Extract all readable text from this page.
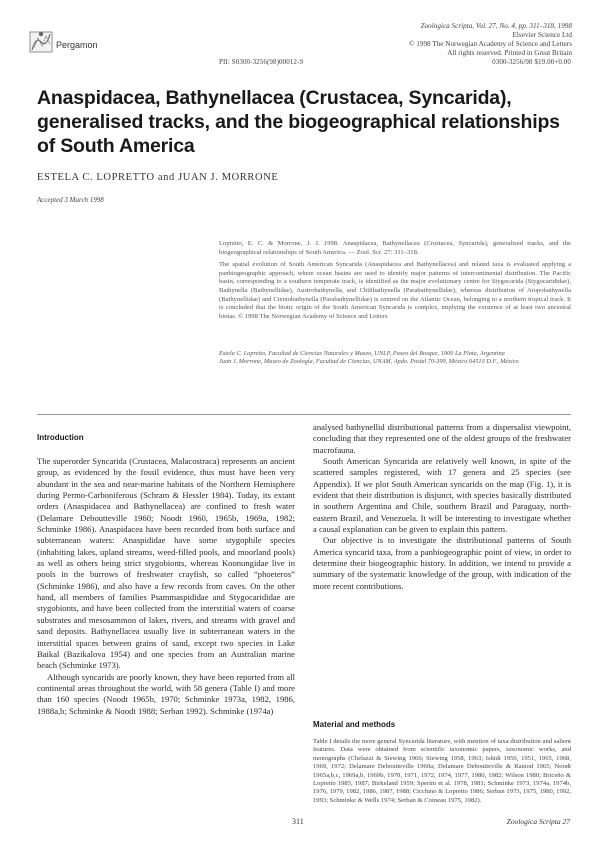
Pergamon
Zoologica Scripta, Vol. 27, No. 4, pp. 311–318, 1998
Elsevier Science Ltd
© 1998 The Norwegian Academy of Science and Letters
All rights reserved. Printed in Great Britain
PII: S0300-3256(98)00012-9	0300-3256/98 $19.00+0.00
Anaspidacea, Bathynellacea (Crustacea, Syncarida), generalised tracks, and the biogeographical relationships of South America
ESTELA C. LOPRETTO and JUAN J. MORRONE
Accepted 3 March 1998

Lopretto, E. C. & Morrone, J. J. 1998. Anaspidacea, Bathynellacea (Crustacea, Syncarida), generalised tracks, and the biogeographical relationships of South America. — Zool. Scr. 27: 311–318.

The spatial evolution of South American Syncarida (Anaspidacea and Bathynellacea) and related taxa is evaluated applying a panbiogeographic approach, where ocean basins are used to identify major patterns of intercontinental distribution. The Pacific basin, corresponding to a southern temperate track, is identified as the major evolutionary centre for Stygocarida (Stygocarididae), Bathynella (Bathynellidae), Austrobathynella, and Chilibathynella (Parabathynellidae), whereas distribution of Atopobathynella (Bathynellidae) and Cteniobathynella (Parabathynellidae) is centred on the Atlantic Ocean, belonging to a northern tropical track. It is concluded that the biotic origin of the South American Syncarida is complex, implying the existence of at least two ancestral biotas. © 1998 The Norwegian Academy of Science and Letters

Estela C. Lopretto, Facultad de Ciencias Naturales y Museo, UNLP, Paseo del Bosque, 1900 La Plata, Argentina

Juan J. Morrone, Museo de Zoología, Facultad de Ciencias, UNAM, Apdo. Postal 70-399, México 04510 D.F., México

Introduction

The superorder Syncarida (Crustacea, Malacostraca) represents an ancient group, as evidenced by the fossil evidence, thus must have been very abundant in the sea and near-marine habitats of the Northern Hemisphere during Permo-Carboniferous (Schram & Hessler 1984). Today, its extant orders (Anaspidacea and Bathynellacea) are confined to fresh water (Delamare Deboutteville 1960; Noodt 1960, 1965b, 1969a, 1982; Schminke 1986). Anaspidacea have been recorded from both surface and subterranean waters: Anaspididae have some stygophile species (inhabiting lakes, upland streams, weed-filled pools, and moorland pools) as well as others being strict stygobionts, whereas Koonungidae live in pools in the burrows of freshwater crayfish, so called “phoeteros” (Schminke 1986), and also have a few records from caves. On the other hand, all members of families Psammaspididae and Stygocarididae are stygobionts, and have been collected from the interstitial waters of coarse substrates and mesosammon of lakes, rivers, and streams with gravel and sand deposits. Bathynellacea usually live in subterranean waters in the interstitial spaces between grains of sand, except two species in Lake Baikal (Bazikalova 1954) and one species from an Australian marine beach (Schminke 1973).

Although syncarids are poorly known, they have been reported from all continental areas throughout the world, with 58 genera (Table I) and more than 160 species (Noodt 1965b, 1970; Schminke 1973a, 1982, 1986, 1988a,b; Schminke & Noodt 1988; Serban 1992). Schminke (1974a)

analysed bathynellid distributional patterns from a dispersalist viewpoint, concluding that they represented one of the oldest groups of the freshwater macrofauna.

South American Syncarida are relatively well known, in spite of the scattered samples registered, with 17 genera and 25 species (see Appendix). If we plot South American syncarids on the map (Fig. 1), it is evident that their distribution is disjunct, with species basically distributed in southern Argentina and Chile, southern Brazil and Paraguay, north-eastern Brazil, and Venezuela. It will be interesting to investigate whether a causal explanation can be given to explain this pattern.

Our objective is to investigate the distributional patterns of South America syncarid taxa, from a panbiogeographic point of view, in order to determine their biogeographic history. In addition, we intend to provide a summary of the systematic knowledge of the group, with indication of the more recent contributions.

Material and methods
Table I details the more general Syncarida literature, with mention of taxa distribution and salient features. Data were obtained from scientific taxonomic papers, taxonomic works, and monographs (Chelazzi & Siewing 1966; Siewing 1958, 1963; Ishidi 1950, 1951, 1965, 1968, 1969, 1972; Delamare Deboutteville 1960a; Delamare Deboutteville & Rainod 1965; Noodt 1965a,b,c, 1969a,b, 1969b, 1970, 1971, 1972, 1974, 1977, 1980, 1982; Wilson 1980; Briceño & Lopretto 1985, 1987; Birkeland 1959; Sperim et al. 1978, 1981; Schminke 1973, 1974a, 1974b, 1976, 1979, 1982, 1986, 1987, 1988; Cicchino & Lopretto 1986; Serban 1973, 1975, 1980, 1992, 1993; Schminke & Wells 1974; Serban & Coineau 1975, 1982).
311	Zoologica Scripta 27
